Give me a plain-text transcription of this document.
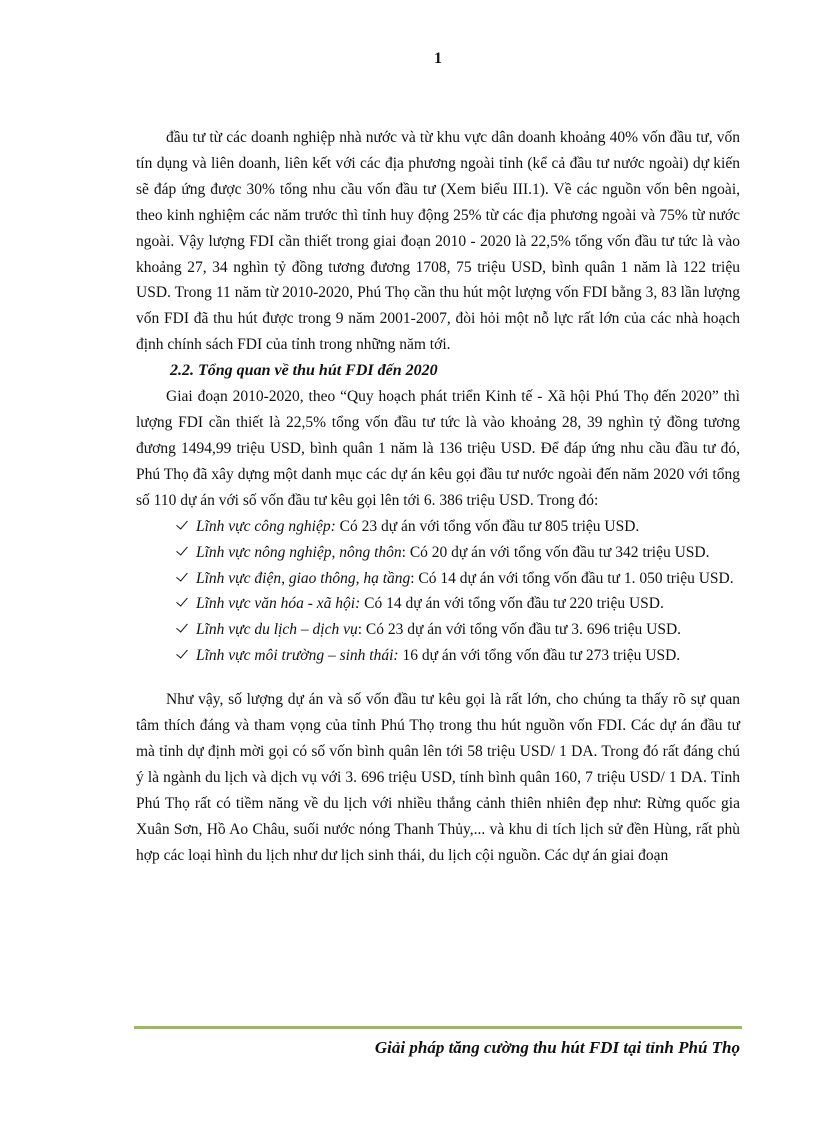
1

đầu tư từ các doanh nghiệp nhà nước và từ khu vực dân doanh khoảng 40% vốn đầu tư, vốn tín dụng và liên doanh, liên kết với các địa phương ngoài tỉnh (kể cả đầu tư nước ngoài) dự kiến sẽ đáp ứng được 30% tổng nhu cầu vốn đầu tư (Xem biểu III.1). Về các nguồn vốn bên ngoài, theo kinh nghiệm các năm trước thì tỉnh huy động 25% từ các địa phương ngoài và 75% từ nước ngoài. Vậy lượng FDI cần thiết trong giai đoạn 2010 - 2020 là 22,5% tổng vốn đầu tư tức là vào khoảng 27, 34 nghìn tỷ đồng tương đương 1708, 75 triệu USD, bình quân 1 năm là 122 triệu USD. Trong 11 năm từ 2010-2020, Phú Thọ cần thu hút một lượng vốn FDI bằng 3, 83 lần lượng vốn FDI đã thu hút được trong 9 năm 2001-2007, đòi hỏi một nỗ lực rất lớn của các nhà hoạch định chính sách FDI của tỉnh trong những năm tới.

2.2. Tổng quan về thu hút FDI đến 2020

Giai đoạn 2010-2020, theo “Quy hoạch phát triển Kinh tế - Xã hội Phú Thọ đến 2020” thì lượng FDI cần thiết là 22,5% tổng vốn đầu tư tức là vào khoảng 28, 39 nghìn tỷ đồng tương đương 1494,99 triệu USD, bình quân 1 năm là 136 triệu USD. Để đáp ứng nhu cầu đầu tư đó, Phú Thọ đã xây dựng một danh mục các dự án kêu gọi đầu tư nước ngoài đến năm 2020 với tổng số 110 dự án với số vốn đầu tư kêu gọi lên tới 6. 386 triệu USD. Trong đó:

Lĩnh vực công nghiệp: Có 23 dự án với tổng vốn đầu tư 805 triệu USD.
Lĩnh vực nông nghiệp, nông thôn: Có 20 dự án với tổng vốn đầu tư 342 triệu USD.
Lĩnh vực điện, giao thông, hạ tầng: Có 14 dự án với tổng vốn đầu tư 1. 050 triệu USD.
Lĩnh vực văn hóa - xã hội: Có 14 dự án với tổng vốn đầu tư 220 triệu USD.
Lĩnh vực du lịch – dịch vụ: Có 23 dự án với tổng vốn đầu tư 3. 696 triệu USD.
Lĩnh vực môi trường – sinh thái: 16 dự án với tổng vốn đầu tư 273 triệu USD.

Như vậy, số lượng dự án và số vốn đầu tư kêu gọi là rất lớn, cho chúng ta thấy rõ sự quan tâm thích đáng và tham vọng của tỉnh Phú Thọ trong thu hút nguồn vốn FDI. Các dự án đầu tư mà tỉnh dự định mời gọi có số vốn bình quân lên tới 58 triệu USD/ 1 DA. Trong đó rất đáng chú ý là ngành du lịch và dịch vụ với 3. 696 triệu USD, tính bình quân 160, 7 triệu USD/ 1 DA. Tỉnh Phú Thọ rất có tiềm năng về du lịch với nhiều thắng cảnh thiên nhiên đẹp như: Rừng quốc gia Xuân Sơn, Hồ Ao Châu, suối nước nóng Thanh Thủy,... và khu di tích lịch sử đền Hùng, rất phù hợp các loại hình du lịch như dư lịch sinh thái, du lịch cội nguồn. Các dự án giai đoạn

Giải pháp tăng cường thu hút FDI tại tỉnh Phú Thọ
